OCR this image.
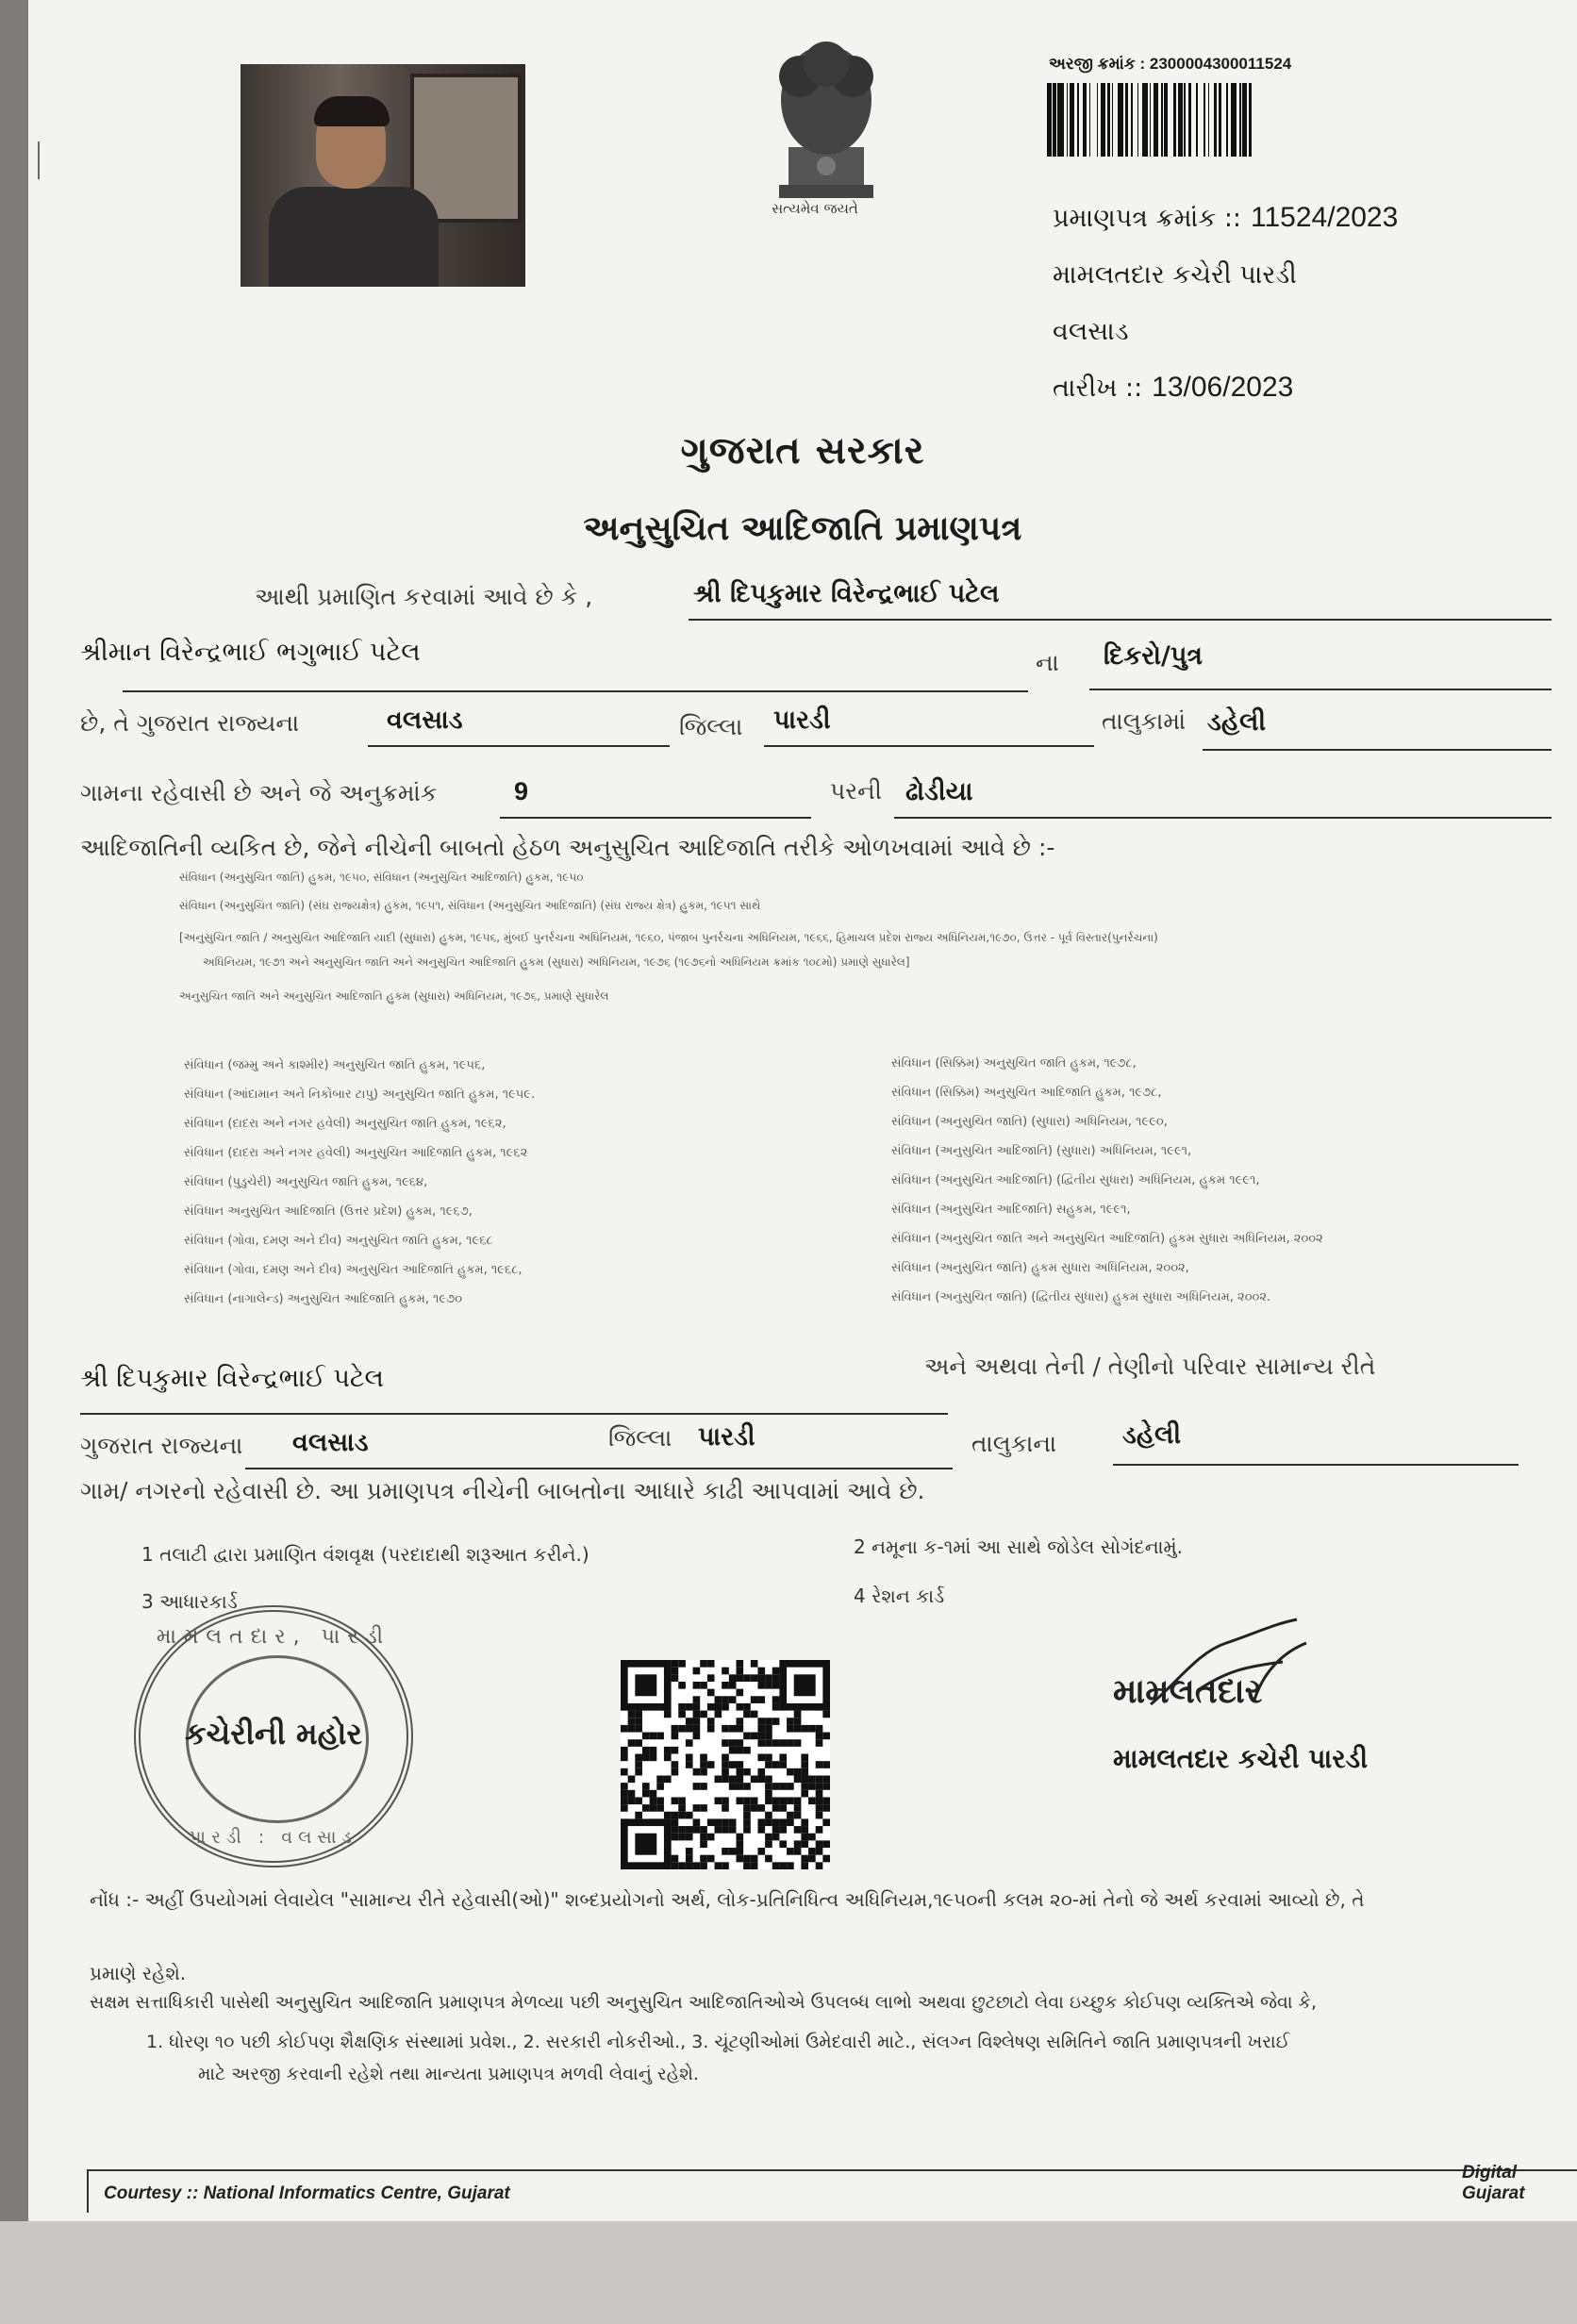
સત્યમેવ જયતે
અરજી ક્રમાંક : 2300004300011524
પ્રમાણપત્ર ક્રમાંક :: 11524/2023
મામલતદાર કચેરી પારડી
વલસાડ
તારીખ :: 13/06/2023
ગુજરાત સરકાર
અનુસુચિત આદિજાતિ પ્રમાણપત્ર
આથી પ્રમાણિત કરવામાં આવે છે કે ,	શ્રી દિપકુમાર વિરેન્દ્રભાઈ પટેલ
શ્રીમાન વિરેન્દ્રભાઈ ભગુભાઈ પટેલ	ના દિકરો/પુત્ર
છે, તે ગુજરાત રાજ્યના	વલસાડ	જિલ્લા પારડી	તાલુકામાં ડહેલી
ગામના રહેવાસી છે અને જે અનુક્રમાંક	9	પરની ઢોડીયા
આદિજાતિની વ્યકિત છે, જેને નીચેની બાબતો હેઠળ અનુસુચિત આદિજાતિ તરીકે ઓળખવામાં આવે છે :-
સંવિધાન (અનુસુચિત જાતિ) હુકમ, ૧૯૫૦, સંવિધાન (અનુસુચિત આદિજાતિ) હુકમ, ૧૯૫૦
સંવિધાન (અનુસુચિત જાતિ) (સંઘ રાજ્યક્ષેત્ર) હુકમ, ૧૯૫૧, સંવિધાન (અનુસુચિત આદિજાતિ) (સંઘ રાજ્ય ક્ષેત્ર) હુકમ, ૧૯૫૧ સાથે
[અનુસુચિત જાતિ / અનુસુચિત આદિજાતિ યાદી (સુધારા) હુકમ, ૧૯૫૬, મુંબઈ પુનર્રચના અધિનિયમ, ૧૯૬૦, પંજાબ પુનર્રચના અધિનિયમ, ૧૯૬૬, હિમાચલ પ્રદેશ રાજ્ય અધિનિયમ,૧૯૭૦, ઉત્તર - પૂર્વ વિસ્તાર(પુનર્રચના)
અધિનિયમ, ૧૯૭૧ અને અનુસુચિત જાતિ અને અનુસુચિત આદિજાતિ હુકમ (સુધારા) અધિનિયમ, ૧૯૭૬ (૧૯૭૬નો અધિનિયમ ક્રમાંક ૧૦૮મો) પ્રમાણે સુધારેલ]
અનુસુચિત જાતિ અને અનુસુચિત આદિજાતિ હુકમ (સુધારા) અધિનિયમ, ૧૯૭૬, પ્રમાણે સુધારેલ
સંવિધાન (જમ્મુ અને કાશ્મીર) અનુસુચિત જાતિ હુકમ, ૧૯૫૬,
સંવિધાન (આંદામાન અને નિકોબાર ટાપુ) અનુસુચિત જાતિ હુકમ, ૧૯૫૯.
સંવિધાન (દાદરા અને નગર હવેલી) અનુસુચિત જાતિ હુકમ, ૧૯૬૨,
સંવિધાન (દાદરા અને નગર હવેલી) અનુસુચિત આદિજાતિ હુકમ, ૧૯૬૨
સંવિધાન (પુડુચેરી) અનુસુચિત જાતિ હુકમ, ૧૯૬૪,
સંવિધાન અનુસુચિત આદિજાતિ (ઉત્તર પ્રદેશ) હુકમ, ૧૯૬૭,
સંવિધાન (ગોવા, દમણ અને દીવ) અનુસુચિત જાતિ હુકમ, ૧૯૬૮
સંવિધાન (ગોવા, દમણ અને દીવ) અનુસુચિત આદિજાતિ હુકમ, ૧૯૬૮,
સંવિધાન (નાગાલેન્ડ) અનુસુચિત આદિજાતિ હુકમ, ૧૯૭૦
સંવિધાન (સિક્કિમ) અનુસુચિત જાતિ હુકમ, ૧૯૭૮,
સંવિધાન (સિક્કિમ) અનુસુચિત આદિજાતિ હુકમ, ૧૯૭૮,
સંવિધાન (અનુસુચિત જાતિ) (સુધારા) અધિનિયમ, ૧૯૯૦,
સંવિધાન (અનુસુચિત આદિજાતિ) (સુધારા) અધિનિયમ, ૧૯૯૧,
સંવિધાન (અનુસુચિત આદિજાતિ) (દ્વિતીય સુધારા) અધિનિયમ, હુકમ ૧૯૯૧,
સંવિધાન (અનુસુચિત આદિજાતિ) સહુકમ, ૧૯૯૧,
સંવિધાન (અનુસુચિત જાતિ અને અનુસુચિત આદિજાતિ) હુકમ સુધારા અધિનિયમ, ૨૦૦૨
સંવિધાન (અનુસુચિત જાતિ) હુકમ સુધારા અધિનિયમ, ૨૦૦૨,
સંવિધાન (અનુસુચિત જાતિ) (દ્વિતીય સુધારા) હુકમ સુધારા અધિનિયમ, ૨૦૦૨.
શ્રી દિપકુમાર વિરેન્દ્રભાઈ પટેલ	અને અથવા તેની / તેણીનો પરિવાર સામાન્ય રીતે
ગુજરાત રાજ્યના વલસાડ	જિલ્લા પારડી	તાલુકાના	ડહેલી
ગામ/ નગરનો રહેવાસી છે. આ પ્રમાણપત્ર નીચેની બાબતોના આધારે કાઢી આપવામાં આવે છે.
1 તલાટી દ્વારા પ્રમાણિત વંશવૃક્ષ (પરદાદાથી શરૂઆત કરીને.)	2 નમૂના ક-૧માં આ સાથે જોડેલ સોગંદનામું.
3 આધારકાર્ડ	4 રેશન કાર્ડ
મામલતદાર, પારડી
કચેરીની મહોર
પારડી : વલસાડ
મામલતદાર
મામલતદાર કચેરી પારડી
નોંધ :- અહીં ઉપયોગમાં લેવાયેલ "સામાન્ય રીતે રહેવાસી(ઓ)" શબ્દપ્રયોગનો અર્થ, લોક-પ્રતિનિધિત્વ અધિનિયમ,૧૯૫૦ની કલમ ૨૦-માં તેનો જે અર્થ કરવામાં આવ્યો છે, તે
પ્રમાણે રહેશે.
સક્ષમ સત્તાધિકારી પાસેથી અનુસુચિત આદિજાતિ પ્રમાણપત્ર મેળવ્યા પછી અનુસુચિત આદિજાતિઓએ ઉપલબ્ધ લાભો અથવા છુટછાટો લેવા ઇચ્છુક કોઈપણ વ્યક્તિએ જેવા કે,
1. ધોરણ ૧૦ પછી કોઈપણ શૈક્ષણિક સંસ્થામાં પ્રવેશ., 2. સરકારી નોકરીઓ., 3. ચૂંટણીઓમાં ઉમેદવારી માટે., સંલગ્ન વિશ્લેષણ સમિતિને જાતિ પ્રમાણપત્રની ખરાઈ
માટે અરજી કરવાની રહેશે તથા માન્યતા પ્રમાણપત્ર મળવી લેવાનું રહેશે.
Courtesy :: National Informatics Centre, Gujarat
Digital Gujarat
